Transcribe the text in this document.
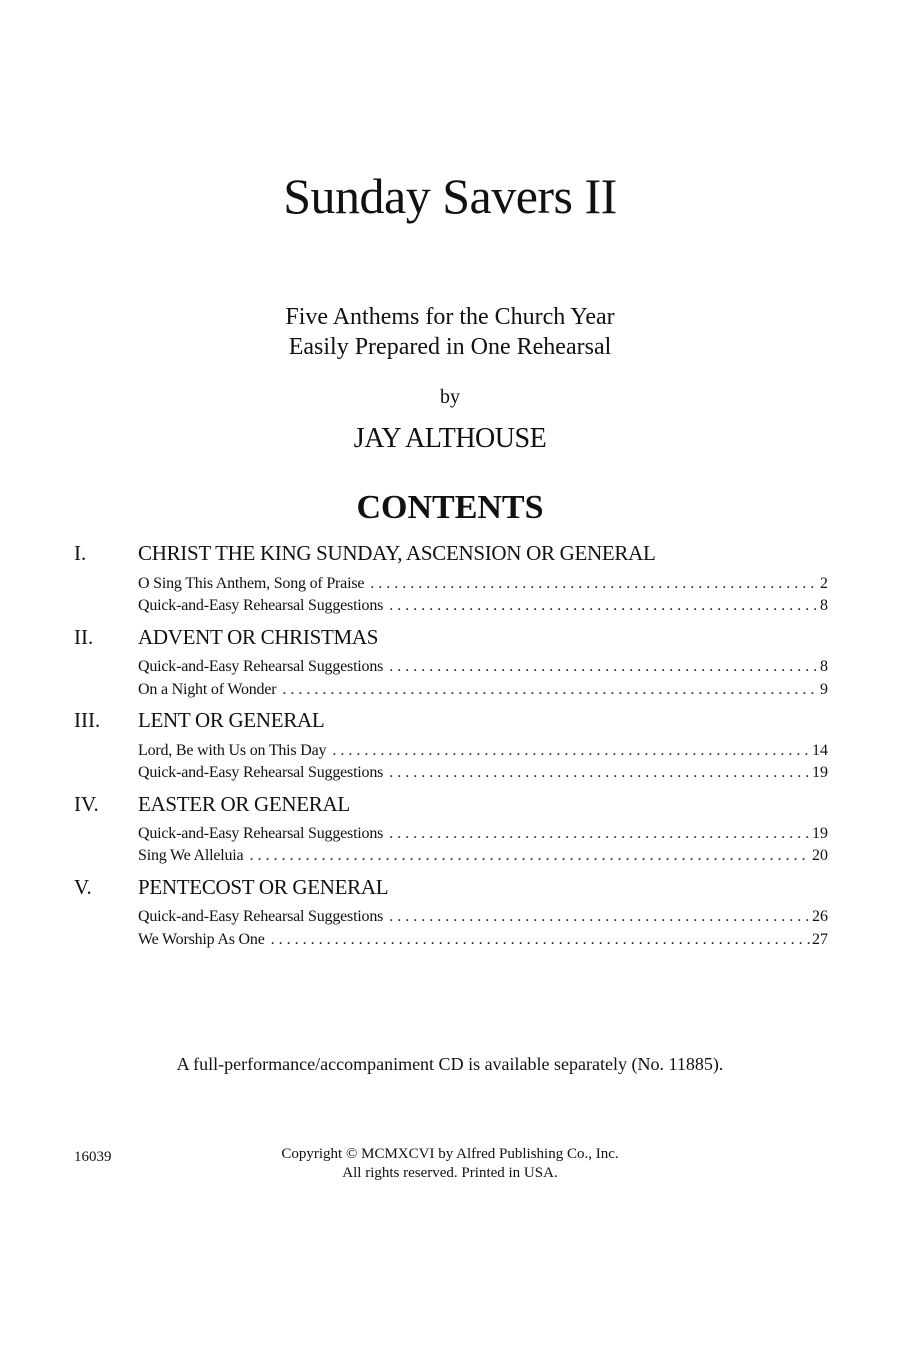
Sunday Savers II
Five Anthems for the Church Year
Easily Prepared in One Rehearsal
by
JAY ALTHOUSE
CONTENTS
I. CHRIST THE KING SUNDAY, ASCENSION OR GENERAL
O Sing This Anthem, Song of Praise . . .	2
Quick-and-Easy Rehearsal Suggestions . . .	8
II. ADVENT OR CHRISTMAS
Quick-and-Easy Rehearsal Suggestions . . .	8
On a Night of Wonder . . .	9
III. LENT OR GENERAL
Lord, Be with Us on This Day . . .	14
Quick-and-Easy Rehearsal Suggestions . . .	19
IV. EASTER OR GENERAL
Quick-and-Easy Rehearsal Suggestions . . .	19
Sing We Alleluia . . .	20
V. PENTECOST OR GENERAL
Quick-and-Easy Rehearsal Suggestions . . .	26
We Worship As One . . .	27
A full-performance/accompaniment CD is available separately (No. 11885).
16039	Copyright © MCMXCVI by Alfred Publishing Co., Inc.
All rights reserved. Printed in USA.
